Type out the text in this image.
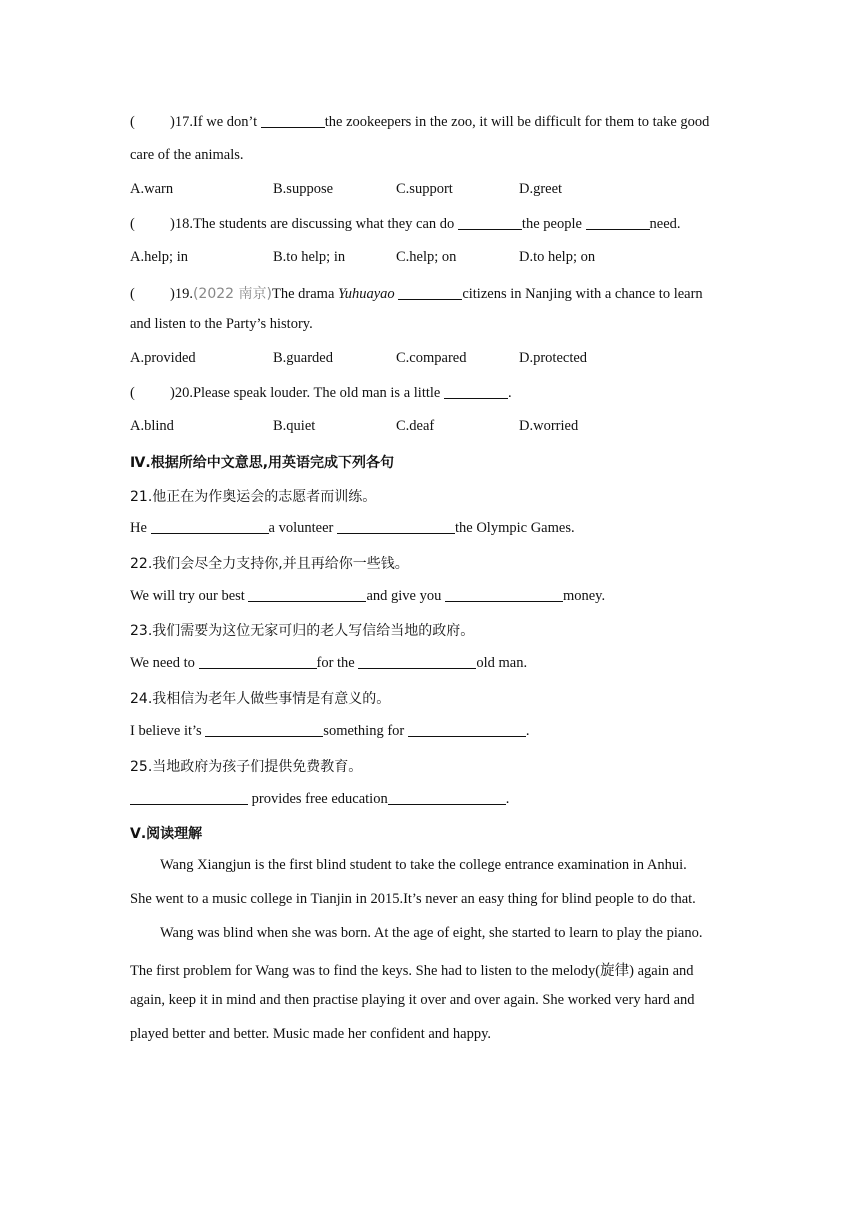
( )17.If we don’t	the zookeepers in the zoo, it will be difficult for them to take good
care of the animals.
A.warn	B.suppose	C.support	D.greet
( )18.The students are discussing what they can do	the people	need.
A.help; in	B.to help; in	C.help; on	D.to help; on
( )19.(2022 南京)The drama Yuhuayao	citizens in Nanjing with a chance to learn
and listen to the Party’s history.
A.provided	B.guarded	C.compared	D.protected
( )20.Please speak louder. The old man is a little	.
A.blind	B.quiet	C.deaf	D.worried
Ⅳ.根据所给中文意思,用英语完成下列各句
21.他正在为作奥运会的志愿者而训练。
He	a volunteer	the Olympic Games.
22.我们会尽全力支持你,并且再给你一些钱。
We will try our best	and give you	money.
23.我们需要为这位无家可归的老人写信给当地的政府。
We need to	for the	old man.
24.我相信为老年人做些事情是有意义的。
I believe it’s	something for	.
25.当地政府为孩子们提供免费教育。
provides free education	.
Ⅴ.阅读理解
Wang Xiangjun is the first blind student to take the college entrance examination in Anhui.
She went to a music college in Tianjin in 2015.It’s never an easy thing for blind people to do that.
Wang was blind when she was born. At the age of eight, she started to learn to play the piano.
The first problem for Wang was to find the keys. She had to listen to the melody(旋律) again and
again, keep it in mind and then practise playing it over and over again. She worked very hard and
played better and better. Music made her confident and happy.
